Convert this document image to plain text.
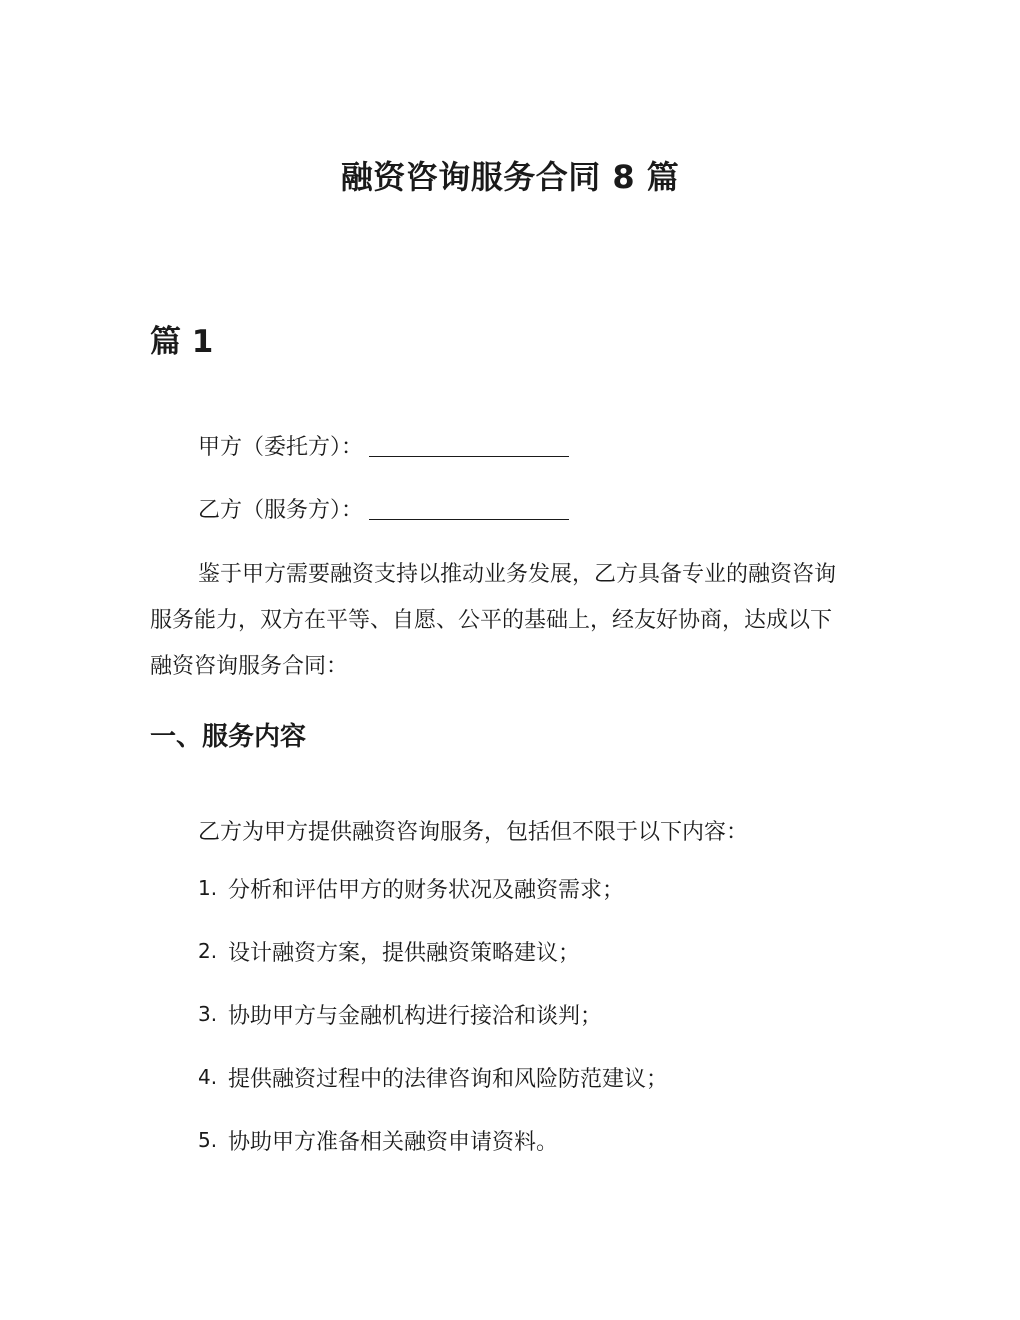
融资咨询服务合同 8 篇
篇 1
甲方（委托方）：
乙方（服务方）：
鉴于甲方需要融资支持以推动业务发展，乙方具备专业的融资咨询服务能力，双方在平等、自愿、公平的基础上，经友好协商，达成以下融资咨询服务合同：
一、服务内容
乙方为甲方提供融资咨询服务，包括但不限于以下内容：
1. 分析和评估甲方的财务状况及融资需求；
2. 设计融资方案，提供融资策略建议；
3. 协助甲方与金融机构进行接洽和谈判；
4. 提供融资过程中的法律咨询和风险防范建议；
5. 协助甲方准备相关融资申请资料。
